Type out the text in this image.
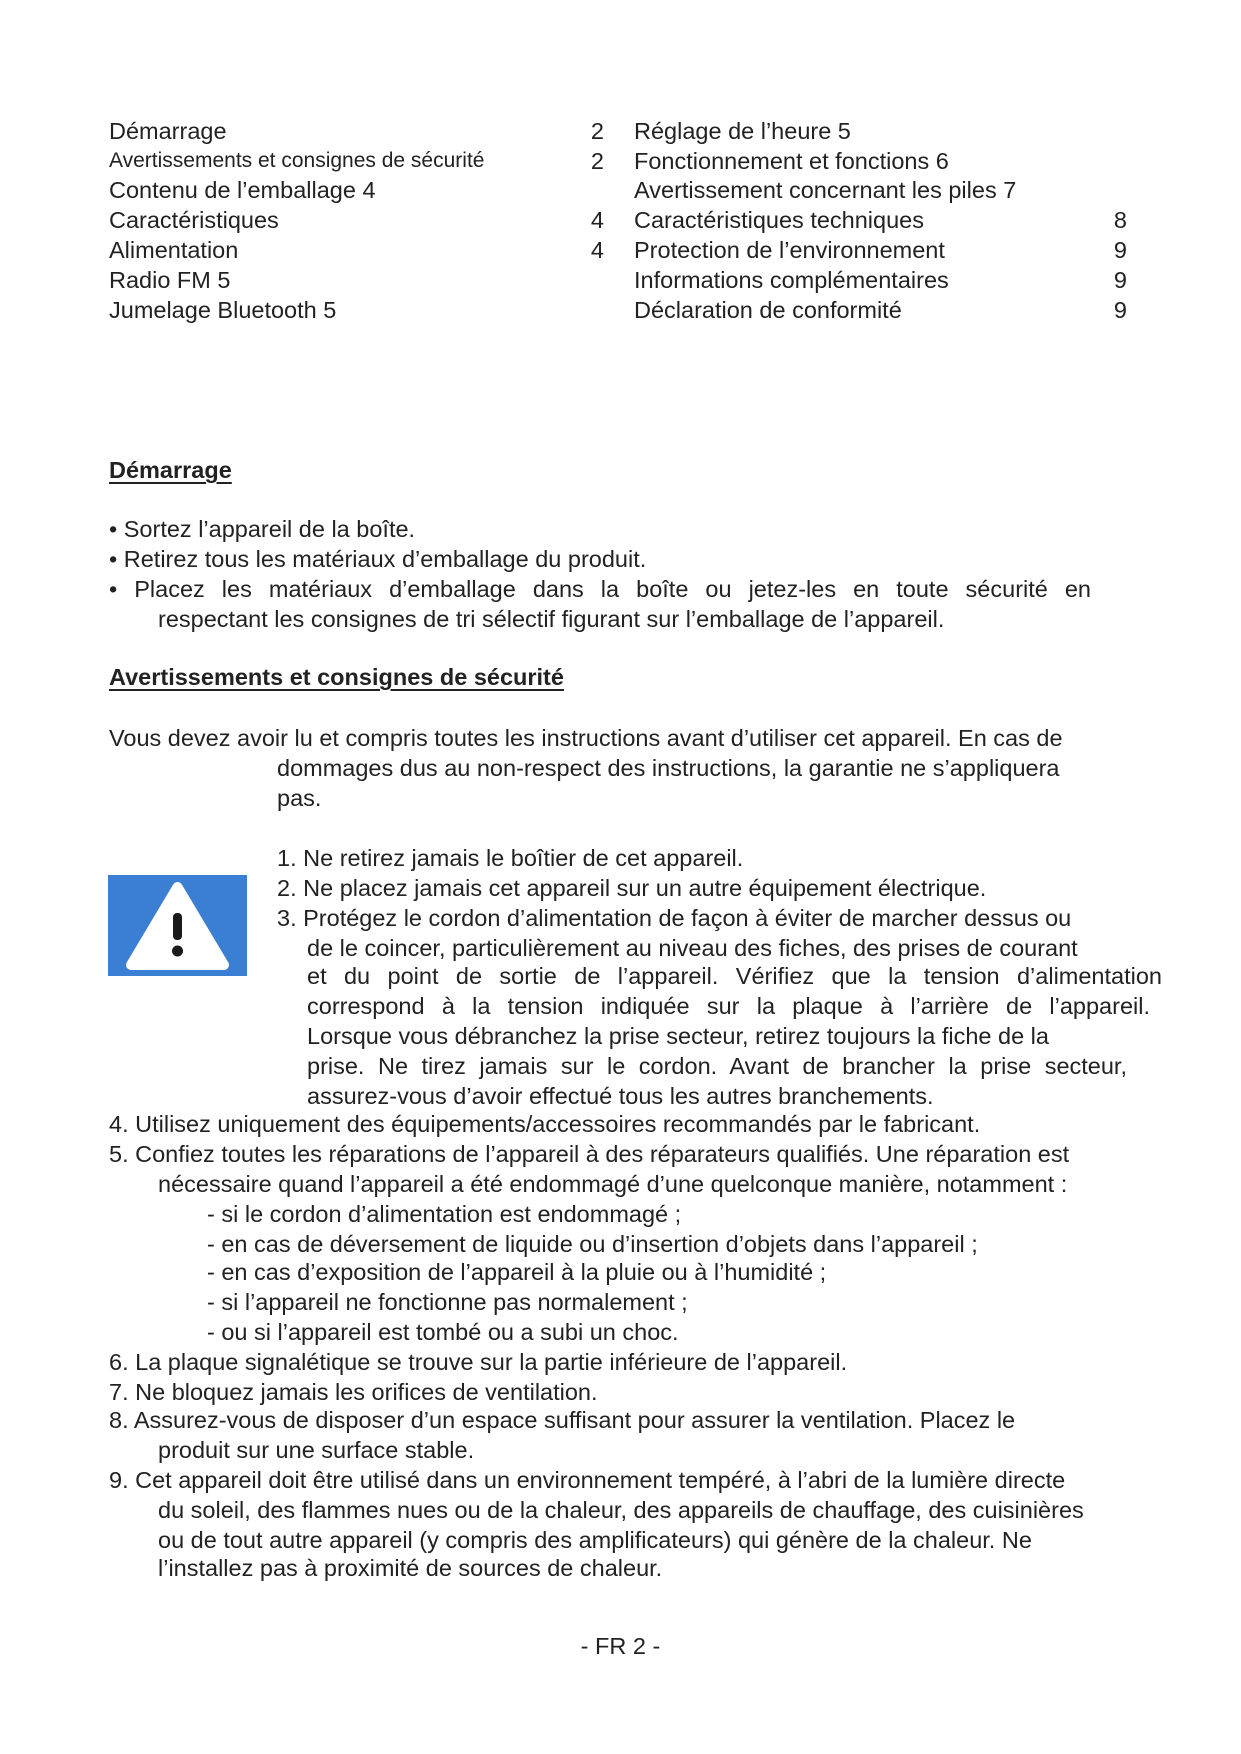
Démarrage	2
Avertissements et consignes de sécurité	2
Contenu de l’emballage 4
Caractéristiques	4
Alimentation	4
Radio FM 5
Jumelage Bluetooth 5
Réglage de l’heure 5
Fonctionnement et fonctions 6
Avertissement concernant les piles 7
Caractéristiques techniques	8
Protection de l’environnement	9
Informations complémentaires	9
Déclaration de conformité	9
Démarrage
• Sortez l’appareil de la boîte.
• Retirez tous les matériaux d’emballage du produit.
• Placez les matériaux d’emballage dans la boîte ou jetez-les en toute sécurité en
respectant les consignes de tri sélectif figurant sur l’emballage de l’appareil.
Avertissements et consignes de sécurité
Vous devez avoir lu et compris toutes les instructions avant d’utiliser cet appareil. En cas de
dommages dus au non-respect des instructions, la garantie ne s’appliquera
pas.
1. Ne retirez jamais le boîtier de cet appareil.
2. Ne placez jamais cet appareil sur un autre équipement électrique.
3. Protégez le cordon d’alimentation de façon à éviter de marcher dessus ou
de le coincer, particulièrement au niveau des fiches, des prises de courant
et du point de sortie de l’appareil. Vérifiez que la tension d’alimentation
correspond à la tension indiquée sur la plaque à l’arrière de l’appareil.
Lorsque vous débranchez la prise secteur, retirez toujours la fiche de la
prise. Ne tirez jamais sur le cordon. Avant de brancher la prise secteur,
assurez-vous d’avoir effectué tous les autres branchements.
4. Utilisez uniquement des équipements/accessoires recommandés par le fabricant.
5. Confiez toutes les réparations de l’appareil à des réparateurs qualifiés. Une réparation est
nécessaire quand l’appareil a été endommagé d’une quelconque manière, notamment :
- si le cordon d’alimentation est endommagé ;
- en cas de déversement de liquide ou d’insertion d’objets dans l’appareil ;
- en cas d’exposition de l’appareil à la pluie ou à l’humidité ;
- si l’appareil ne fonctionne pas normalement ;
- ou si l’appareil est tombé ou a subi un choc.
6. La plaque signalétique se trouve sur la partie inférieure de l’appareil.
7. Ne bloquez jamais les orifices de ventilation.
8. Assurez-vous de disposer d’un espace suffisant pour assurer la ventilation. Placez le
produit sur une surface stable.
9. Cet appareil doit être utilisé dans un environnement tempéré, à l’abri de la lumière directe
du soleil, des flammes nues ou de la chaleur, des appareils de chauffage, des cuisinières
ou de tout autre appareil (y compris des amplificateurs) qui génère de la chaleur. Ne
l’installez pas à proximité de sources de chaleur.
- FR 2 -
